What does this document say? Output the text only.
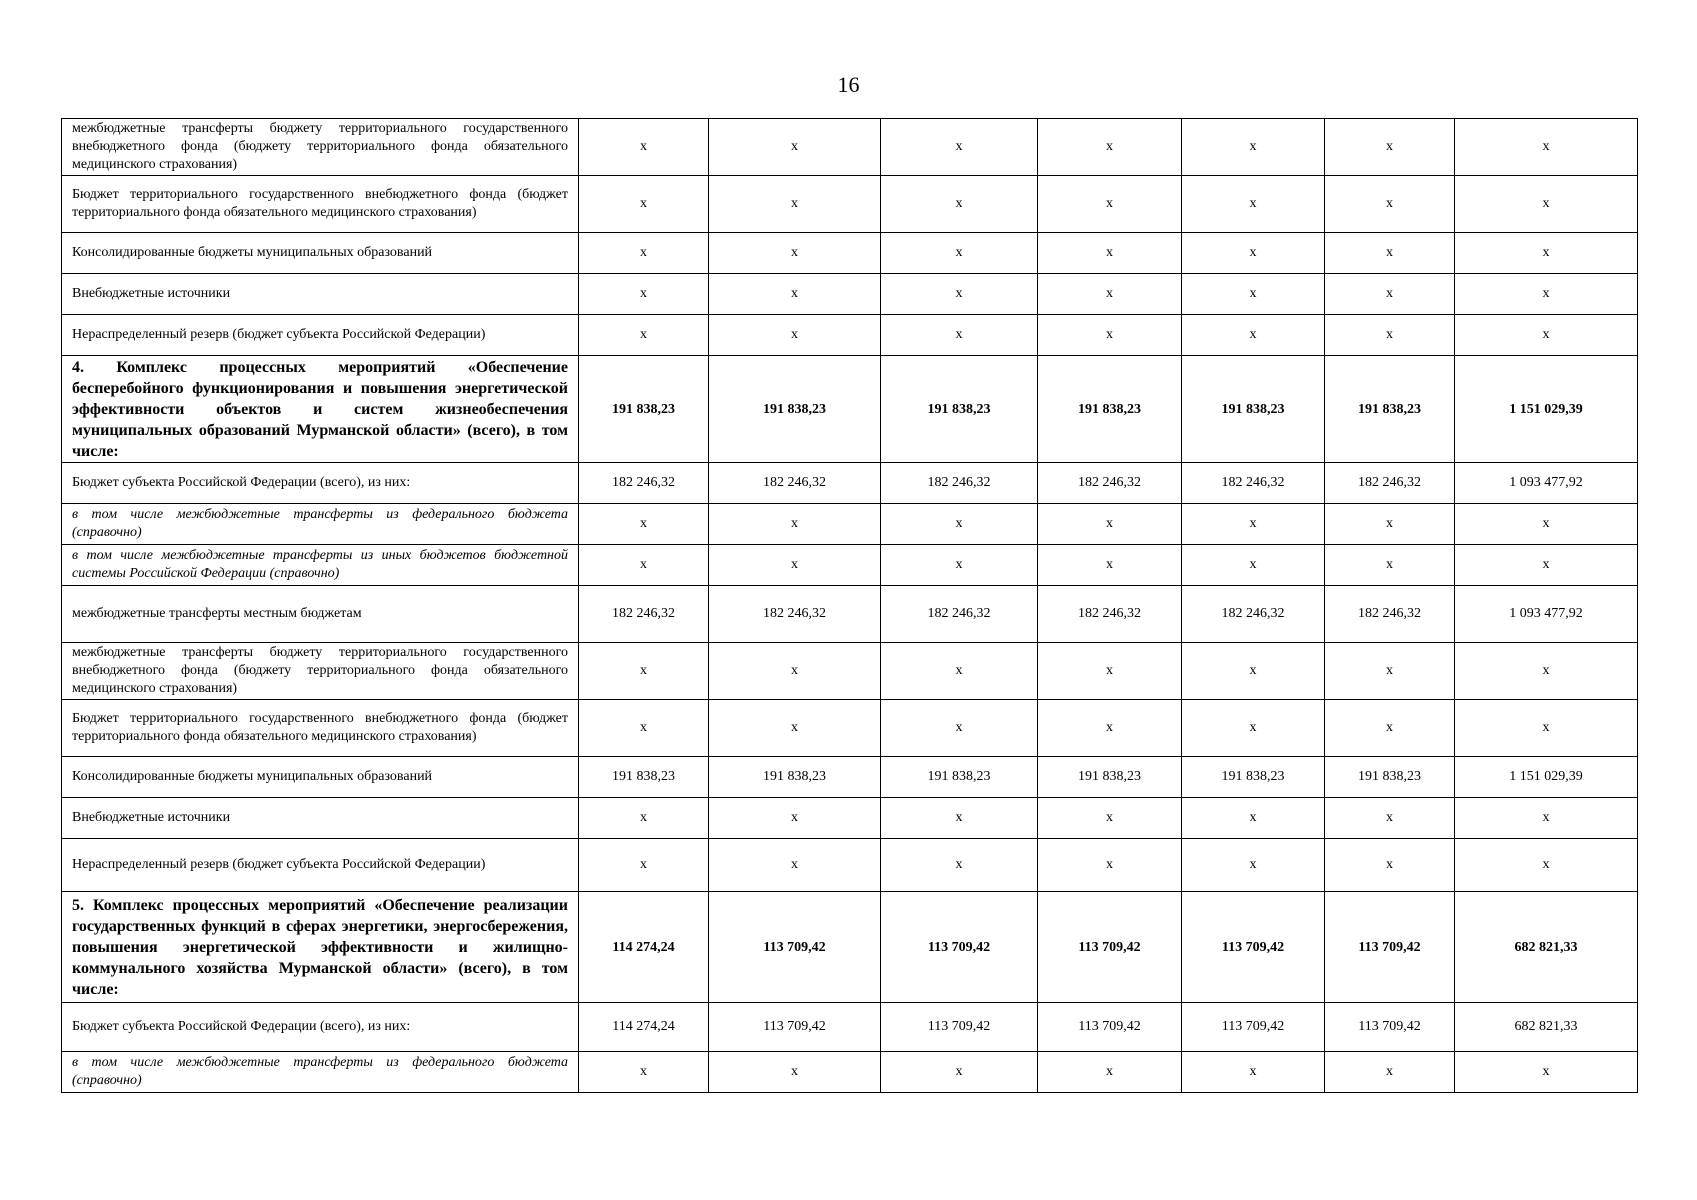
16
межбюджетные трансферты бюджету территориального государственного внебюджетного фонда (бюджету территориального фонда обязательного медицинского страхования)	x	x	x	x	x	x	x
Бюджет территориального государственного внебюджетного фонда (бюджет территориального фонда обязательного медицинского страхования)	x	x	x	x	x	x	x
Консолидированные бюджеты муниципальных образований	x	x	x	x	x	x	x
Внебюджетные источники	x	x	x	x	x	x	x
Нераспределенный резерв (бюджет субъекта Российской Федерации)	x	x	x	x	x	x	x
4. Комплекс процессных мероприятий «Обеспечение бесперебойного функционирования и повышения энергетической эффективности объектов и систем жизнеобеспечения муниципальных образований Мурманской области» (всего), в том числе:	191 838,23	191 838,23	191 838,23	191 838,23	191 838,23	191 838,23	1 151 029,39
Бюджет субъекта Российской Федерации (всего), из них:	182 246,32	182 246,32	182 246,32	182 246,32	182 246,32	182 246,32	1 093 477,92
в том числе межбюджетные трансферты из федерального бюджета (справочно)	x	x	x	x	x	x	x
в том числе межбюджетные трансферты из иных бюджетов бюджетной системы Российской Федерации (справочно)	x	x	x	x	x	x	x
межбюджетные трансферты местным бюджетам	182 246,32	182 246,32	182 246,32	182 246,32	182 246,32	182 246,32	1 093 477,92
межбюджетные трансферты бюджету территориального государственного внебюджетного фонда (бюджету территориального фонда обязательного медицинского страхования)	x	x	x	x	x	x	x
Бюджет территориального государственного внебюджетного фонда (бюджет территориального фонда обязательного медицинского страхования)	x	x	x	x	x	x	x
Консолидированные бюджеты муниципальных образований	191 838,23	191 838,23	191 838,23	191 838,23	191 838,23	191 838,23	1 151 029,39
Внебюджетные источники	x	x	x	x	x	x	x
Нераспределенный резерв (бюджет субъекта Российской Федерации)	x	x	x	x	x	x	x
5. Комплекс процессных мероприятий «Обеспечение реализации государственных функций в сферах энергетики, энергосбережения, повышения энергетической эффективности и жилищно-коммунального хозяйства Мурманской области» (всего), в том числе:	114 274,24	113 709,42	113 709,42	113 709,42	113 709,42	113 709,42	682 821,33
Бюджет субъекта Российской Федерации (всего), из них:	114 274,24	113 709,42	113 709,42	113 709,42	113 709,42	113 709,42	682 821,33
в том числе межбюджетные трансферты из федерального бюджета (справочно)	x	x	x	x	x	x	x
